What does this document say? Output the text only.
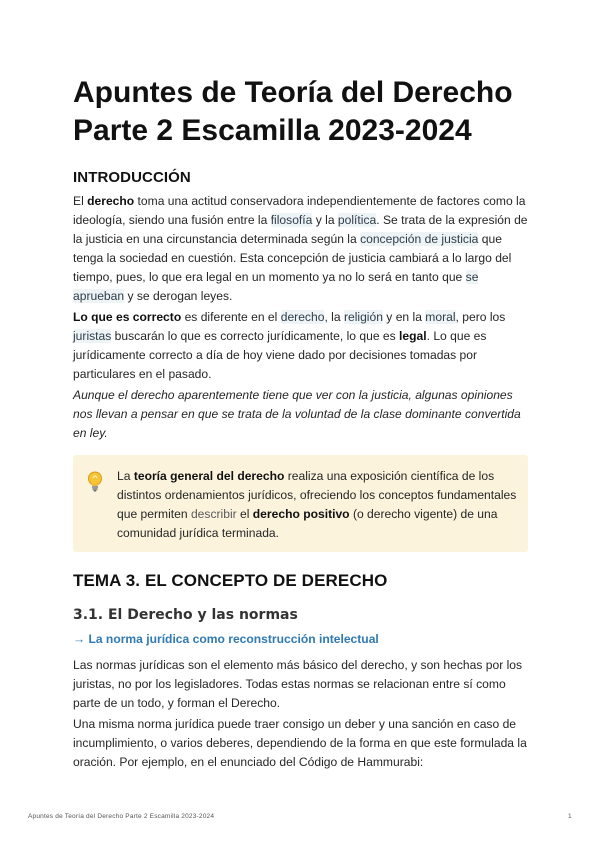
Apuntes de Teoría del Derecho Parte 2 Escamilla 2023-2024
INTRODUCCIÓN

El derecho toma una actitud conservadora independientemente de factores como la ideología, siendo una fusión entre la filosofía y la política. Se trata de la expresión de la justicia en una circunstancia determinada según la concepción de justicia que tenga la sociedad en cuestión. Esta concepción de justicia cambiará a lo largo del tiempo, pues, lo que era legal en un momento ya no lo será en tanto que se aprueban y se derogan leyes.

Lo que es correcto es diferente en el derecho, la religión y en la moral, pero los juristas buscarán lo que es correcto jurídicamente, lo que es legal. Lo que es jurídicamente correcto a día de hoy viene dado por decisiones tomadas por particulares en el pasado.

Aunque el derecho aparentemente tiene que ver con la justicia, algunas opiniones nos llevan a pensar en que se trata de la voluntad de la clase dominante convertida en ley.

La teoría general del derecho realiza una exposición científica de los distintos ordenamientos jurídicos, ofreciendo los conceptos fundamentales que permiten describir el derecho positivo (o derecho vigente) de una comunidad jurídica terminada.

TEMA 3. EL CONCEPTO DE DERECHO
3.1. El Derecho y las normas
→ La norma jurídica como reconstrucción intelectual

Las normas jurídicas son el elemento más básico del derecho, y son hechas por los juristas, no por los legisladores. Todas estas normas se relacionan entre sí como parte de un todo, y forman el Derecho.

Una misma norma jurídica puede traer consigo un deber y una sanción en caso de incumplimiento, o varios deberes, dependiendo de la forma en que este formulada la oración. Por ejemplo, en el enunciado del Código de Hammurabi:

Apuntes de Teoría del Derecho Parte 2 Escamilla 2023-2024	1
